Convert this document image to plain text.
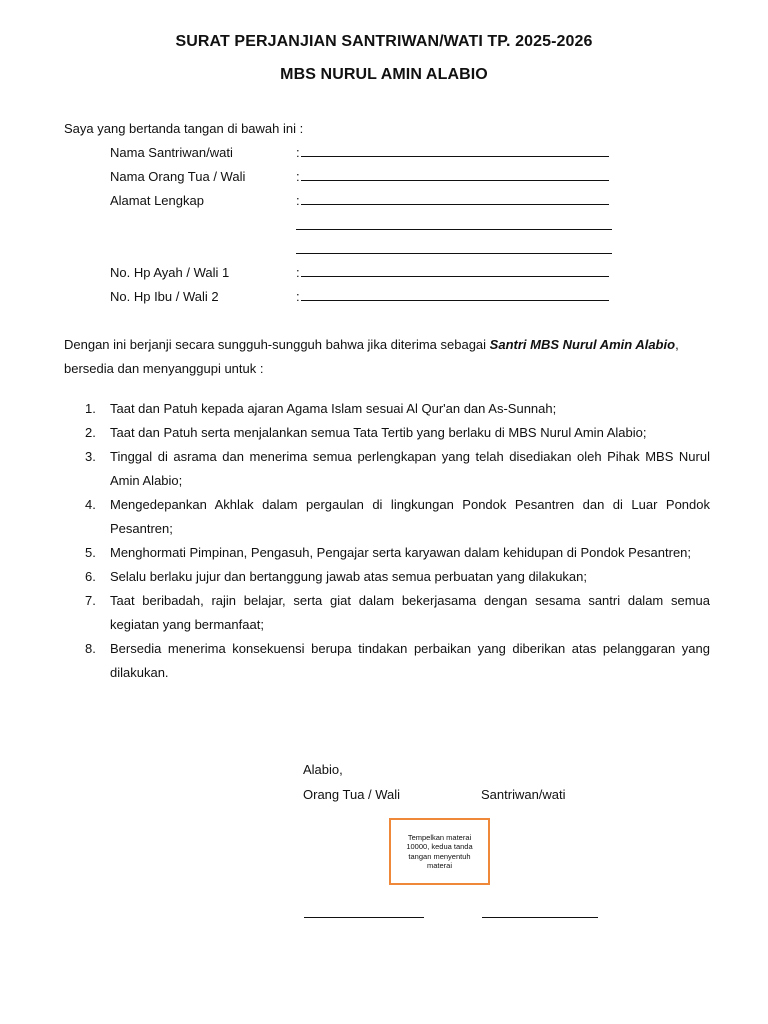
SURAT PERJANJIAN SANTRIWAN/WATI TP. 2025-2026
MBS NURUL AMIN ALABIO
Saya yang bertanda tangan di bawah ini :
Nama Santriwan/wati	:
Nama Orang Tua / Wali	:
Alamat Lengkap	:
No. Hp Ayah / Wali 1	:
No. Hp Ibu / Wali 2	:
Dengan ini berjanji secara sungguh-sungguh bahwa jika diterima sebagai Santri MBS Nurul Amin Alabio,
bersedia dan menyanggupi untuk :
1. Taat dan Patuh kepada ajaran Agama Islam sesuai Al Qur'an dan As-Sunnah;
2. Taat dan Patuh serta menjalankan semua Tata Tertib yang berlaku di MBS Nurul Amin Alabio;
3. Tinggal di asrama dan menerima semua perlengkapan yang telah disediakan oleh Pihak MBS Nurul Amin Alabio;
4. Mengedepankan Akhlak dalam pergaulan di lingkungan Pondok Pesantren dan di Luar Pondok Pesantren;
5. Menghormati Pimpinan, Pengasuh, Pengajar serta karyawan dalam kehidupan di Pondok Pesantren;
6. Selalu berlaku jujur dan bertanggung jawab atas semua perbuatan yang dilakukan;
7. Taat beribadah, rajin belajar, serta giat dalam bekerjasama dengan sesama santri dalam semua kegiatan yang bermanfaat;
8. Bersedia menerima konsekuensi berupa tindakan perbaikan yang diberikan atas pelanggaran yang dilakukan.
Alabio,
Orang Tua / Wali	Santriwan/wati
Tempelkan materai 10000, kedua tanda tangan menyentuh materai
